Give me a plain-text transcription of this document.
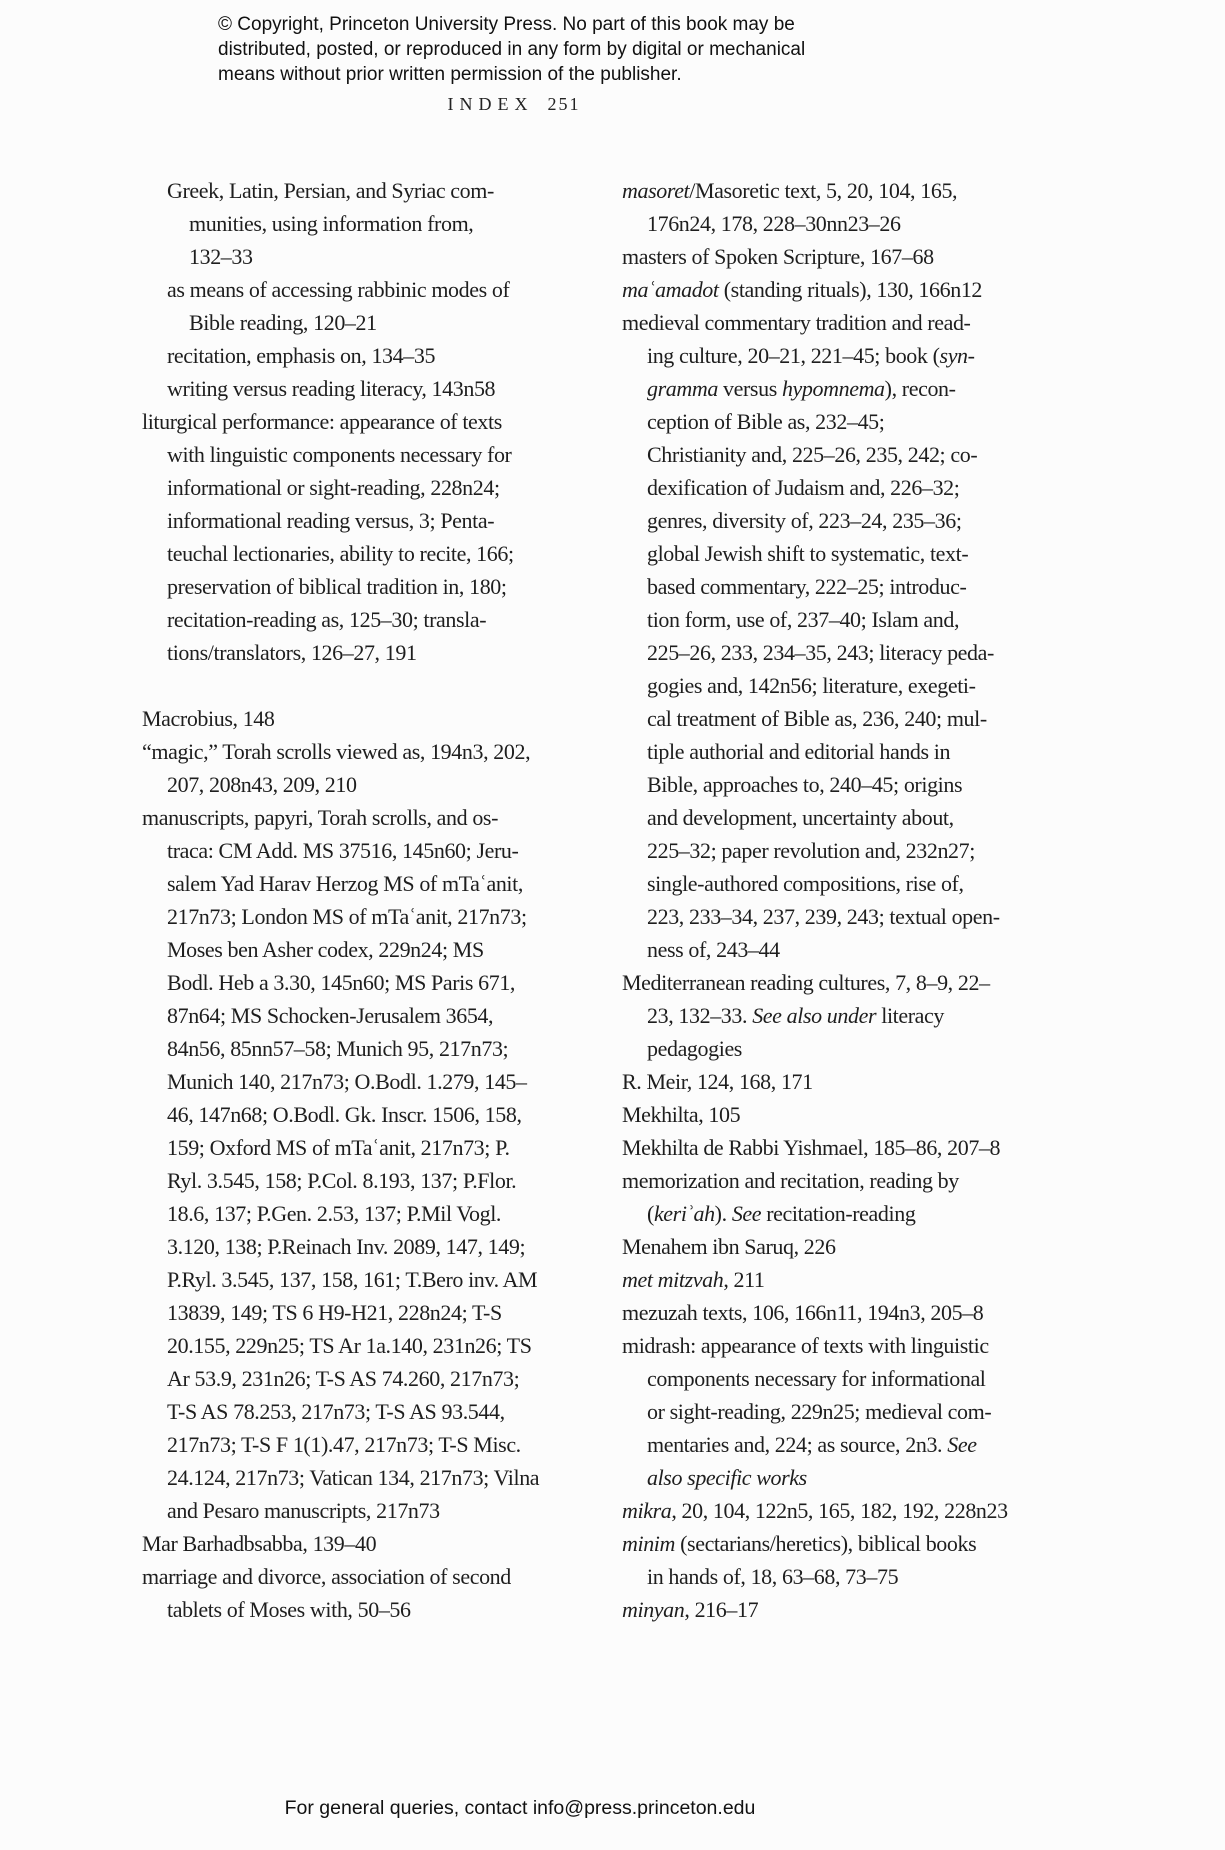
© Copyright, Princeton University Press. No part of this book may be
distributed, posted, or reproduced in any form by digital or mechanical
means without prior written permission of the publisher.
INDEX 251
Greek, Latin, Persian, and Syriac com-
munities, using information from,
132–33
as means of accessing rabbinic modes of
Bible reading, 120–21
recitation, emphasis on, 134–35
writing versus reading literacy, 143n58
liturgical performance: appearance of texts
with linguistic components necessary for
informational or sight-reading, 228n24;
informational reading versus, 3; Penta-
teuchal lectionaries, ability to recite, 166;
preservation of biblical tradition in, 180;
recitation-reading as, 125–30; transla-
tions/translators, 126–27, 191
Macrobius, 148
“magic,” Torah scrolls viewed as, 194n3, 202,
207, 208n43, 209, 210
manuscripts, papyri, Torah scrolls, and os-
traca: CM Add. MS 37516, 145n60; Jeru-
salem Yad Harav Herzog MS of mTaʿanit,
217n73; London MS of mTaʿanit, 217n73;
Moses ben Asher codex, 229n24; MS
Bodl. Heb a 3.30, 145n60; MS Paris 671,
87n64; MS Schocken-Jerusalem 3654,
84n56, 85nn57–58; Munich 95, 217n73;
Munich 140, 217n73; O.Bodl. 1.279, 145–
46, 147n68; O.Bodl. Gk. Inscr. 1506, 158,
159; Oxford MS of mTaʿanit, 217n73; P.
Ryl. 3.545, 158; P.Col. 8.193, 137; P.Flor.
18.6, 137; P.Gen. 2.53, 137; P.Mil Vogl.
3.120, 138; P.Reinach Inv. 2089, 147, 149;
P.Ryl. 3.545, 137, 158, 161; T.Bero inv. AM
13839, 149; TS 6 H9-H21, 228n24; T-S
20.155, 229n25; TS Ar 1a.140, 231n26; TS
Ar 53.9, 231n26; T-S AS 74.260, 217n73;
T-S AS 78.253, 217n73; T-S AS 93.544,
217n73; T-S F 1(1).47, 217n73; T-S Misc.
24.124, 217n73; Vatican 134, 217n73; Vilna
and Pesaro manuscripts, 217n73
Mar Barhadbsabba, 139–40
marriage and divorce, association of second
tablets of Moses with, 50–56
masoret/Masoretic text, 5, 20, 104, 165,
176n24, 178, 228–30nn23–26
masters of Spoken Scripture, 167–68
maʿamadot (standing rituals), 130, 166n12
medieval commentary tradition and read-
ing culture, 20–21, 221–45; book (syn-
gramma versus hypomnema), recon-
ception of Bible as, 232–45;
Christianity and, 225–26, 235, 242; co-
dexification of Judaism and, 226–32;
genres, diversity of, 223–24, 235–36;
global Jewish shift to systematic, text-
based commentary, 222–25; introduc-
tion form, use of, 237–40; Islam and,
225–26, 233, 234–35, 243; literacy peda-
gogies and, 142n56; literature, exegeti-
cal treatment of Bible as, 236, 240; mul-
tiple authorial and editorial hands in
Bible, approaches to, 240–45; origins
and development, uncertainty about,
225–32; paper revolution and, 232n27;
single-authored compositions, rise of,
223, 233–34, 237, 239, 243; textual open-
ness of, 243–44
Mediterranean reading cultures, 7, 8–9, 22–
23, 132–33. See also under literacy
pedagogies
R. Meir, 124, 168, 171
Mekhilta, 105
Mekhilta de Rabbi Yishmael, 185–86, 207–8
memorization and recitation, reading by
(keriʾah). See recitation-reading
Menahem ibn Saruq, 226
met mitzvah, 211
mezuzah texts, 106, 166n11, 194n3, 205–8
midrash: appearance of texts with linguistic
components necessary for informational
or sight-reading, 229n25; medieval com-
mentaries and, 224; as source, 2n3. See
also specific works
mikra, 20, 104, 122n5, 165, 182, 192, 228n23
minim (sectarians/heretics), biblical books
in hands of, 18, 63–68, 73–75
minyan, 216–17
For general queries, contact info@press.princeton.edu
